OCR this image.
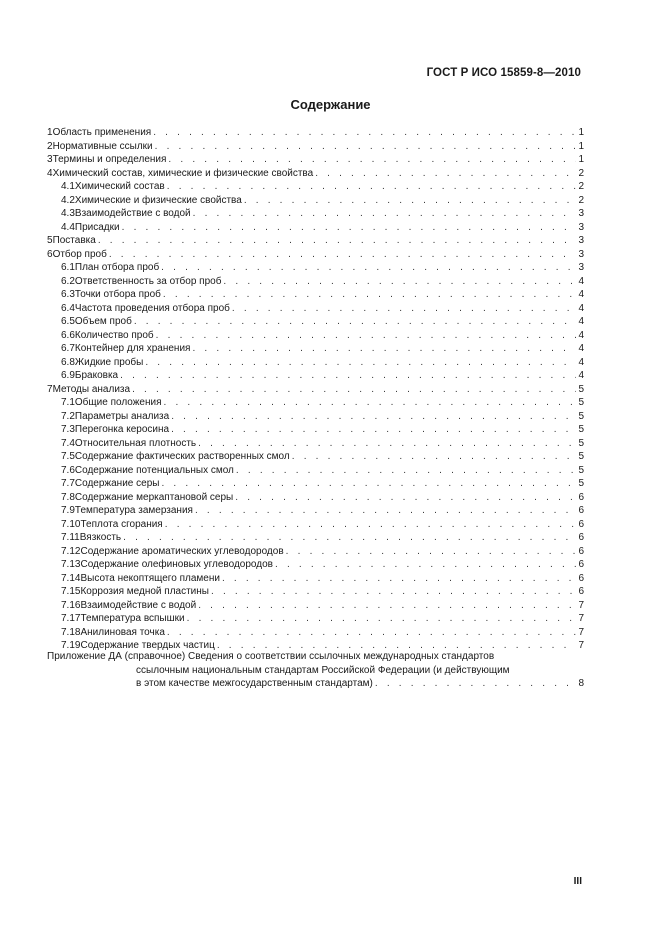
ГОСТ Р ИСО 15859-8—2010
Содержание
1 Область применения . . .	1
2 Нормативные ссылки . . .	1
3 Термины и определения . . .	1
4 Химический состав, химические и физические свойства . . .	2
4.1 Химический состав . . .	2
4.2 Химические и физические свойства . . .	2
4.3 Взаимодействие с водой . . .	3
4.4 Присадки . . .	3
5 Поставка . . .	3
6 Отбор проб . . .	3
6.1 План отбора проб . . .	3
6.2 Ответственность за отбор проб . . .	4
6.3 Точки отбора проб . . .	4
6.4 Частота проведения отбора проб . . .	4
6.5 Объем проб . . .	4
6.6 Количество проб . . .	4
6.7 Контейнер для хранения . . .	4
6.8 Жидкие пробы . . .	4
6.9 Браковка . . .	4
7 Методы анализа . . .	5
7.1 Общие положения . . .	5
7.2 Параметры анализа . . .	5
7.3 Перегонка керосина . . .	5
7.4 Относительная плотность . . .	5
7.5 Содержание фактических растворенных смол . . .	5
7.6 Содержание потенциальных смол . . .	5
7.7 Содержание серы . . .	5
7.8 Содержание меркаптановой серы . . .	6
7.9 Температура замерзания . . .	6
7.10 Теплота сгорания . . .	6
7.11 Вязкость . . .	6
7.12 Содержание ароматических углеводородов . . .	6
7.13 Содержание олефиновых углеводородов . . .	6
7.14 Высота некоптящего пламени . . .	6
7.15 Коррозия медной пластины . . .	6
7.16 Взаимодействие с водой . . .	7
7.17 Температура вспышки . . .	7
7.18 Анилиновая точка . . .	7
7.19 Содержание твердых частиц . . .	7
Приложение ДА (справочное) Сведения о соответствии ссылочных международных стандартов
ссылочным национальным стандартам Российской Федерации (и действующим
в этом качестве межгосударственным стандартам) . . .	8
III
